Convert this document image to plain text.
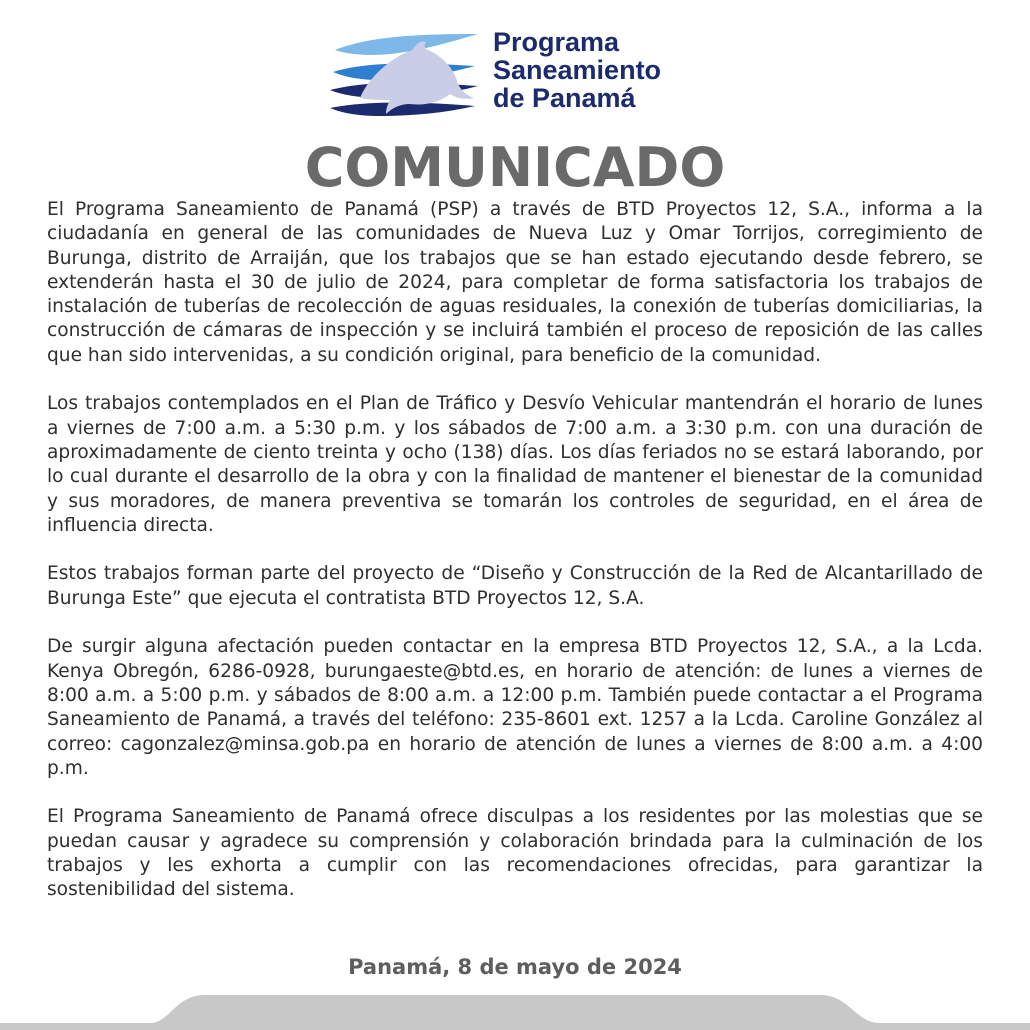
Programa
Saneamiento
de Panamá
COMUNICADO

El Programa Saneamiento de Panamá (PSP) a través de BTD Proyectos 12, S.A., informa a la ciudadanía en general de las comunidades de Nueva Luz y Omar Torrijos, corregimiento de Burunga, distrito de Arraiján, que los trabajos que se han estado ejecutando desde febrero, se extenderán hasta el 30 de julio de 2024, para completar de forma satisfactoria los trabajos de instalación de tuberías de recolección de aguas residuales, la conexión de tuberías domiciliarias, la construcción de cámaras de inspección y se incluirá también el proceso de reposición de las calles que han sido intervenidas, a su condición original, para beneficio de la comunidad.

Los trabajos contemplados en el Plan de Tráfico y Desvío Vehicular mantendrán el horario de lunes a viernes de 7:00 a.m. a 5:30 p.m. y los sábados de 7:00 a.m. a 3:30 p.m. con una duración de aproximadamente de ciento treinta y ocho (138) días. Los días feriados no se estará laborando, por lo cual durante el desarrollo de la obra y con la finalidad de mantener el bienestar de la comunidad y sus moradores, de manera preventiva se tomarán los controles de seguridad, en el área de influencia directa.

Estos trabajos forman parte del proyecto de “Diseño y Construcción de la Red de Alcantarillado de Burunga Este” que ejecuta el contratista BTD Proyectos 12, S.A.

De surgir alguna afectación pueden contactar en la empresa BTD Proyectos 12, S.A., a la Lcda. Kenya Obregón, 6286-0928, burungaeste@btd.es, en horario de atención: de lunes a viernes de 8:00 a.m. a 5:00 p.m. y sábados de 8:00 a.m. a 12:00 p.m. También puede contactar a el Programa Saneamiento de Panamá, a través del teléfono: 235-8601 ext. 1257 a la Lcda. Caroline González al correo: cagonzalez@minsa.gob.pa en horario de atención de lunes a viernes de 8:00 a.m. a 4:00 p.m.

El Programa Saneamiento de Panamá ofrece disculpas a los residentes por las molestias que se puedan causar y agradece su comprensión y colaboración brindada para la culminación de los trabajos y les exhorta a cumplir con las recomendaciones ofrecidas, para garantizar la sostenibilidad del sistema.

Panamá, 8 de mayo de 2024
